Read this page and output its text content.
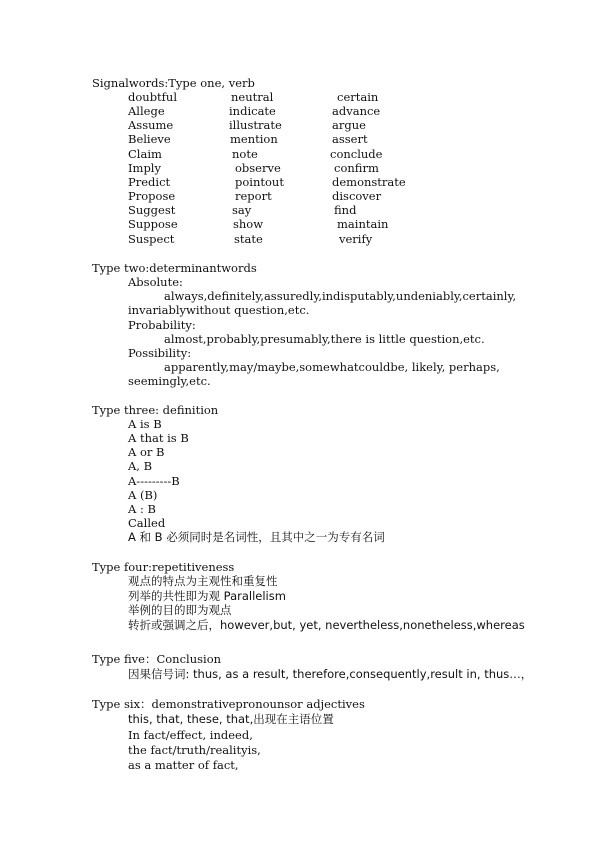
Signalwords:Type one, verb
doubtful	neutral	certain
Allege	indicate	advance
Assume	illustrate	argue
Believe	mention	assert
Claim	note	conclude
Imply	observe	confirm
Predict	pointout	demonstrate
Propose	report	discover
Suggest	say	find
Suppose	show	maintain
Suspect	state	verify
Type two:determinantwords
Absolute:
always,definitely,assuredly,indisputably,undeniably,certainly,
invariablywithout question,etc.
Probability:
almost,probably,presumably,there is little question,etc.
Possibility:
apparently,may/maybe,somewhatcouldbe, likely, perhaps,
seemingly,etc.
Type three: definition
A is B
A that is B
A or B
A, B
A---------B
A (B)
A : B
Called
A 和 B 必须同时是名词性，且其中之一为专有名词
Type four:repetitiveness
观点的特点为主观性和重复性
列举的共性即为观 Parallelism
举例的目的即为观点
转折或强调之后，however,but, yet, nevertheless,nonetheless,whereas
Type five：Conclusion
因果信号词: thus, as a result, therefore,consequently,result in, thus…，
Type six：demonstrativepronounsor adjectives
this, that, these, that,出现在主语位置
In fact/effect, indeed,
the fact/truth/realityis,
as a matter of fact,
